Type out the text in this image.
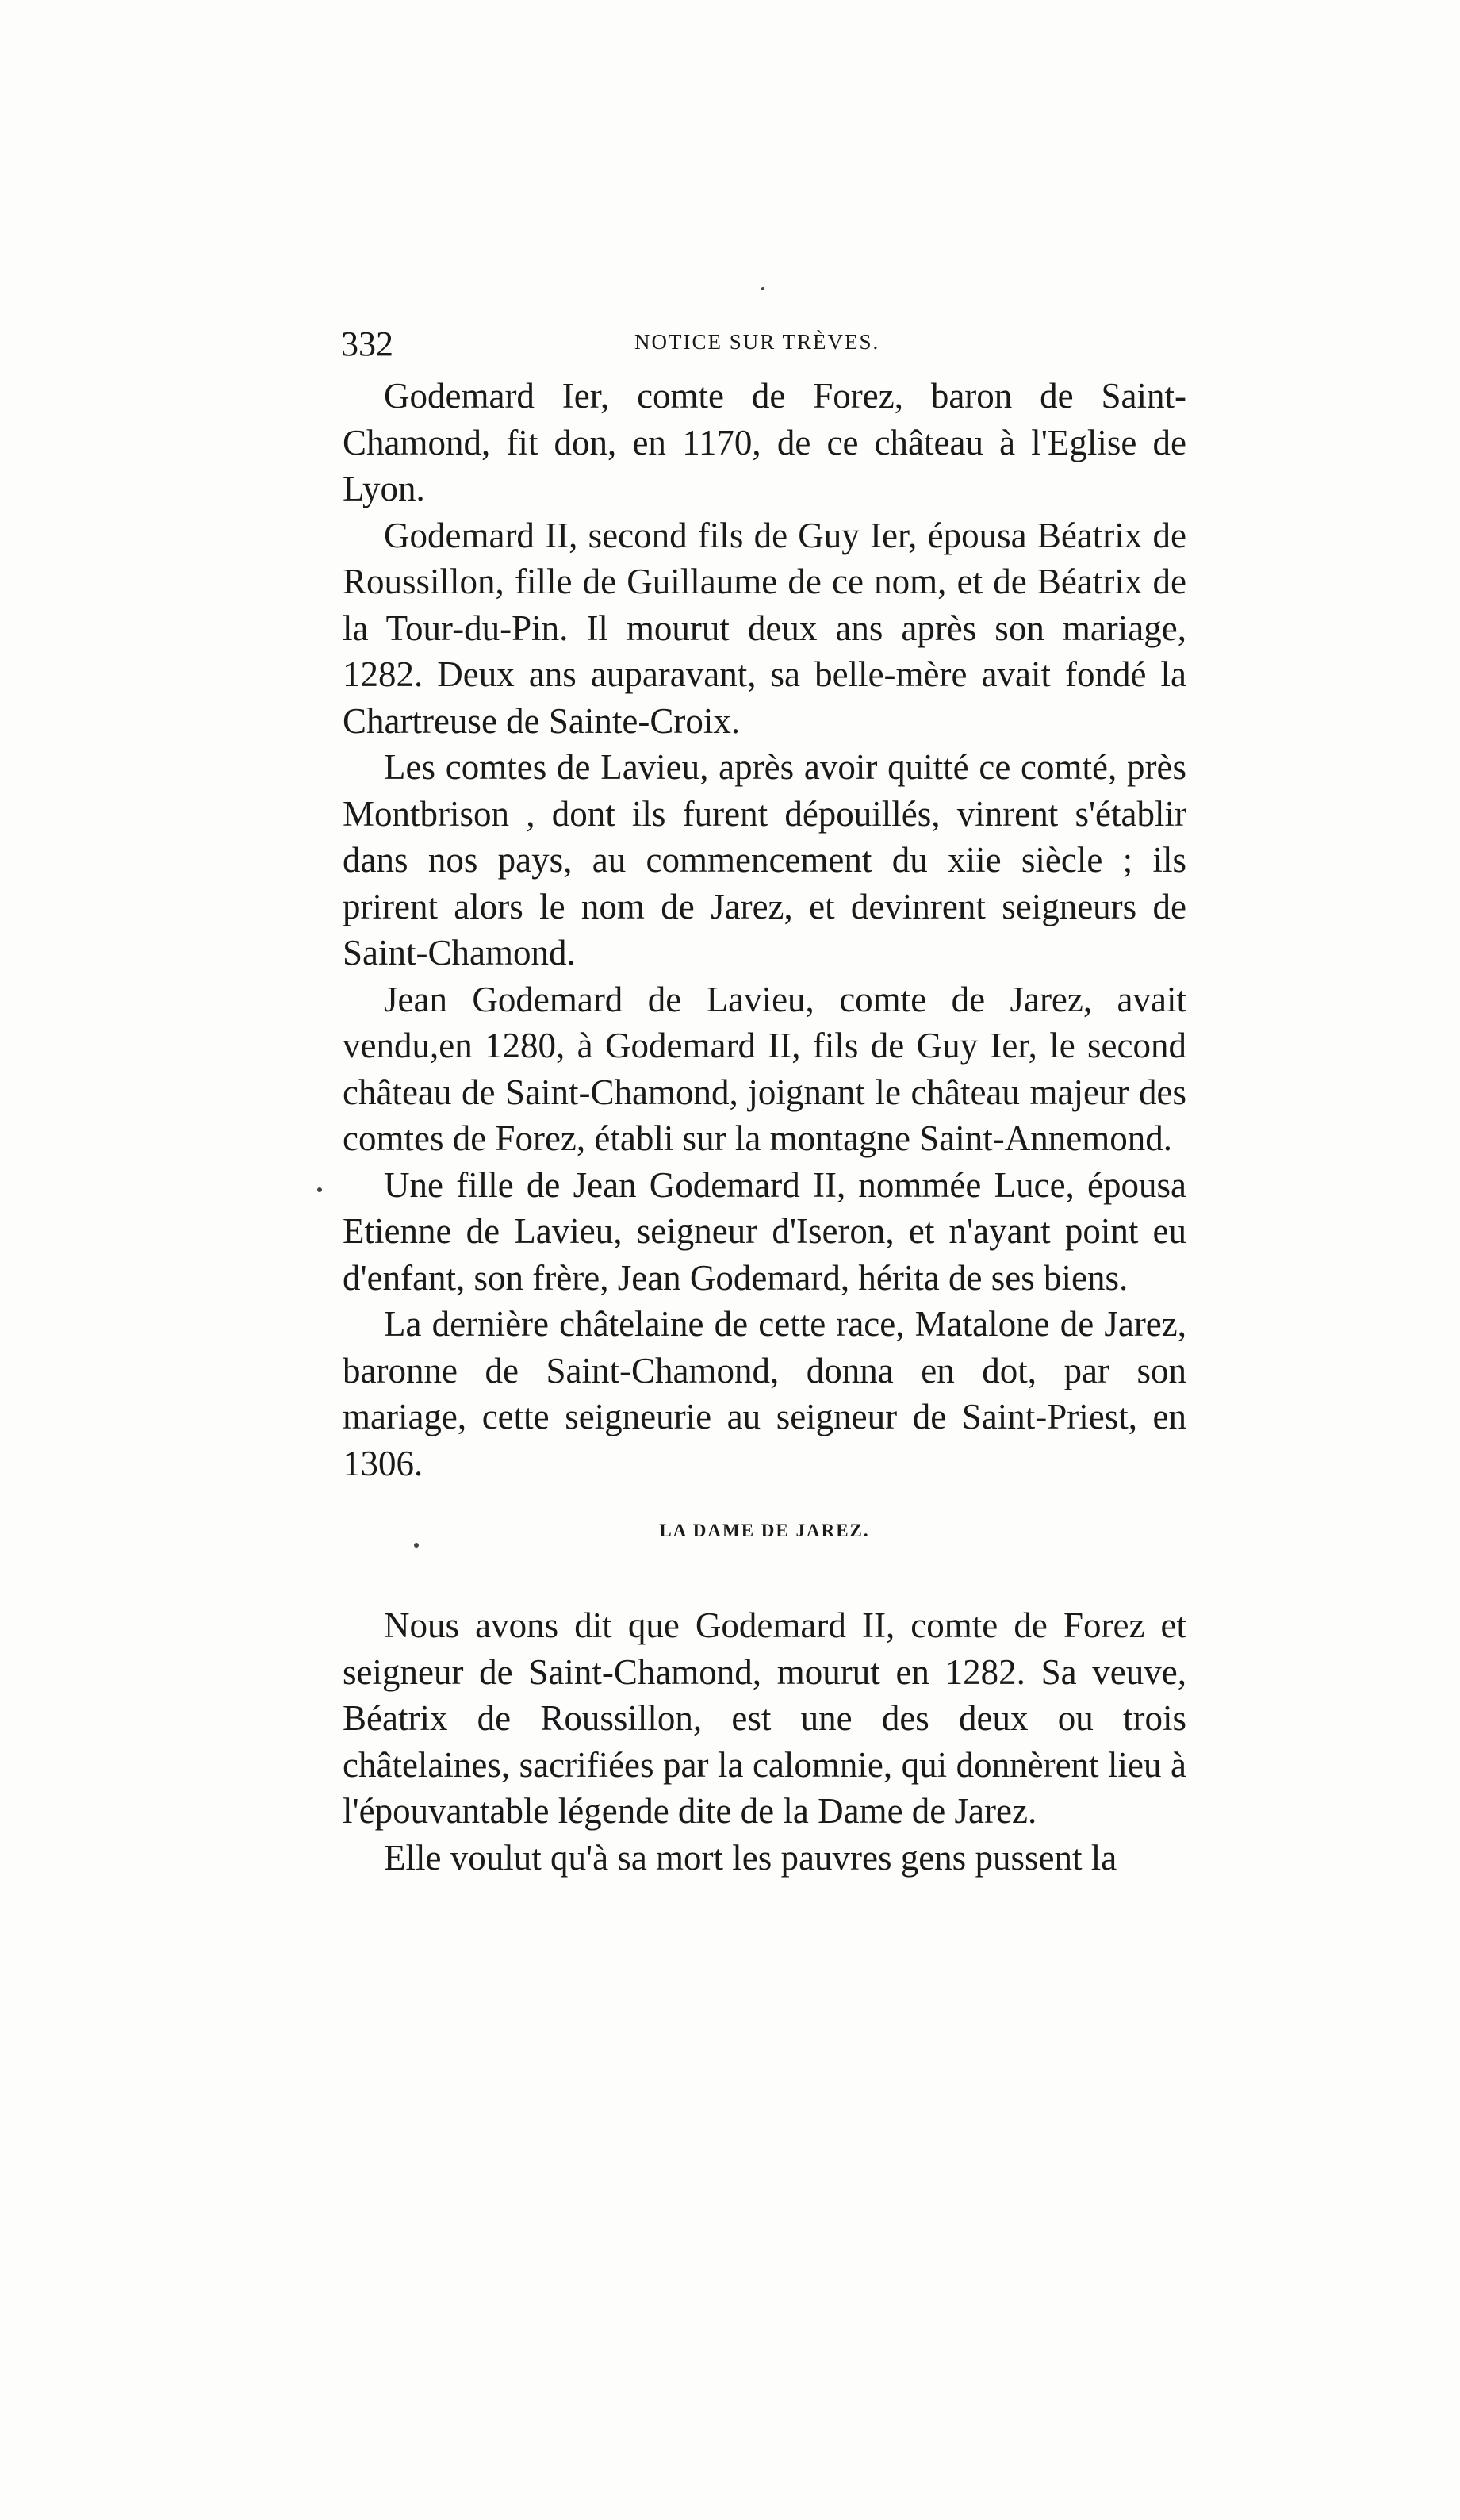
332	NOTICE SUR TRÈVES.

Godemard Ier, comte de Forez, baron de Saint-Chamond, fit don, en 1170, de ce château à l'Eglise de Lyon.

Godemard II, second fils de Guy Ier, épousa Béatrix de Roussillon, fille de Guillaume de ce nom, et de Béatrix de la Tour-du-Pin. Il mourut deux ans après son mariage, 1282. Deux ans auparavant, sa belle-mère avait fondé la Chartreuse de Sainte-Croix.

Les comtes de Lavieu, après avoir quitté ce comté, près Montbrison , dont ils furent dépouillés, vinrent s'établir dans nos pays, au commencement du xiie siècle ; ils prirent alors le nom de Jarez, et devinrent seigneurs de Saint-Chamond.

Jean Godemard de Lavieu, comte de Jarez, avait vendu,en 1280, à Godemard II, fils de Guy Ier, le second château de Saint-Chamond, joignant le château majeur des comtes de Forez, établi sur la montagne Saint-Annemond.

Une fille de Jean Godemard II, nommée Luce, épousa Etienne de Lavieu, seigneur d'Iseron, et n'ayant point eu d'enfant, son frère, Jean Godemard, hérita de ses biens.

La dernière châtelaine de cette race, Matalone de Jarez, baronne de Saint-Chamond, donna en dot, par son mariage, cette seigneurie au seigneur de Saint-Priest, en 1306.

LA DAME DE JAREZ.

Nous avons dit que Godemard II, comte de Forez et seigneur de Saint-Chamond, mourut en 1282. Sa veuve, Béatrix de Roussillon, est une des deux ou trois châtelaines, sacrifiées par la calomnie, qui donnèrent lieu à l'épouvantable légende dite de la Dame de Jarez.

Elle voulut qu'à sa mort les pauvres gens pussent la
